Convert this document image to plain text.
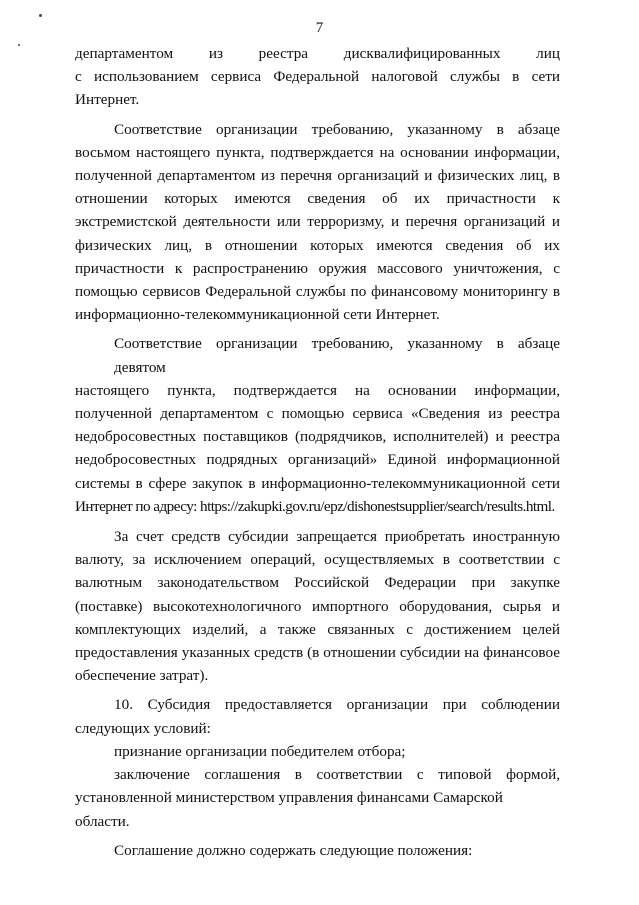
7
департаментом из реестра дисквалифицированных лиц
с использованием сервиса Федеральной налоговой службы в сети
Интернет.
Соответствие организации требованию, указанному в абзаце
восьмом настоящего пункта, подтверждается на основании информации,
полученной департаментом из перечня организаций и физических лиц, в
отношении которых имеются сведения об их причастности к
экстремистской деятельности или терроризму, и перечня организаций и
физических лиц, в отношении которых имеются сведения об их
причастности к распространению оружия массового уничтожения, с
помощью сервисов Федеральной службы по финансовому мониторингу в
информационно-телекоммуникационной сети Интернет.
Соответствие организации требованию, указанному в абзаце девятом
настоящего пункта, подтверждается на основании информации,
полученной департаментом с помощью сервиса «Сведения из реестра
недобросовестных поставщиков (подрядчиков, исполнителей) и реестра
недобросовестных подрядных организаций» Единой информационной
системы в сфере закупок в информационно-телекоммуникационной сети
Интернет по адресу: https://zakupki.gov.ru/epz/dishonestsupplier/search/results.html.
За счет средств субсидии запрещается приобретать иностранную
валюту, за исключением операций, осуществляемых в соответствии с
валютным законодательством Российской Федерации при закупке
(поставке) высокотехнологичного импортного оборудования, сырья и
комплектующих изделий, а также связанных с достижением целей
предоставления указанных средств (в отношении субсидии на финансовое
обеспечение затрат).
10. Субсидия предоставляется организации при соблюдении
следующих условий:
признание организации победителем отбора;
заключение соглашения в соответствии с типовой формой,
установленной министерством управления финансами Самарской области.
Соглашение должно содержать следующие положения:
